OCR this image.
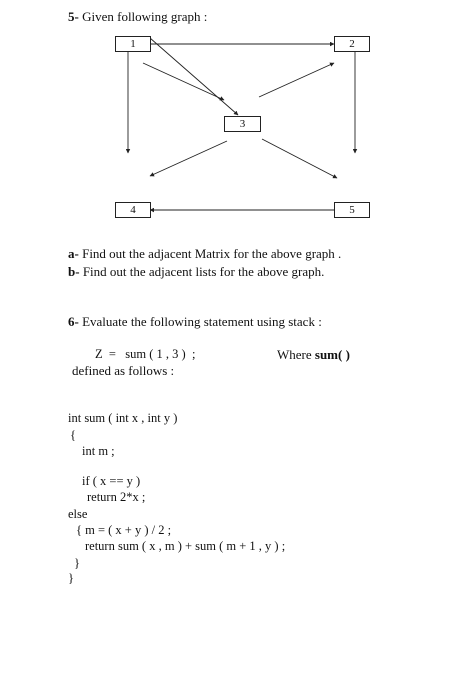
5- Given following graph :
1	2
3
4	5
a- Find out the adjacent Matrix for the above graph .
b- Find out the adjacent lists for the above graph.
6- Evaluate the following statement using stack :
Z  =   sum ( 1 , 3 )  ;	Where sum( )
defined as follows :
int sum ( int x , int y )
{
int m ;
if ( x == y )
return 2*x ;
else
{ m = ( x + y ) / 2 ;
return sum ( x , m ) + sum ( m + 1 , y ) ;
}
}
